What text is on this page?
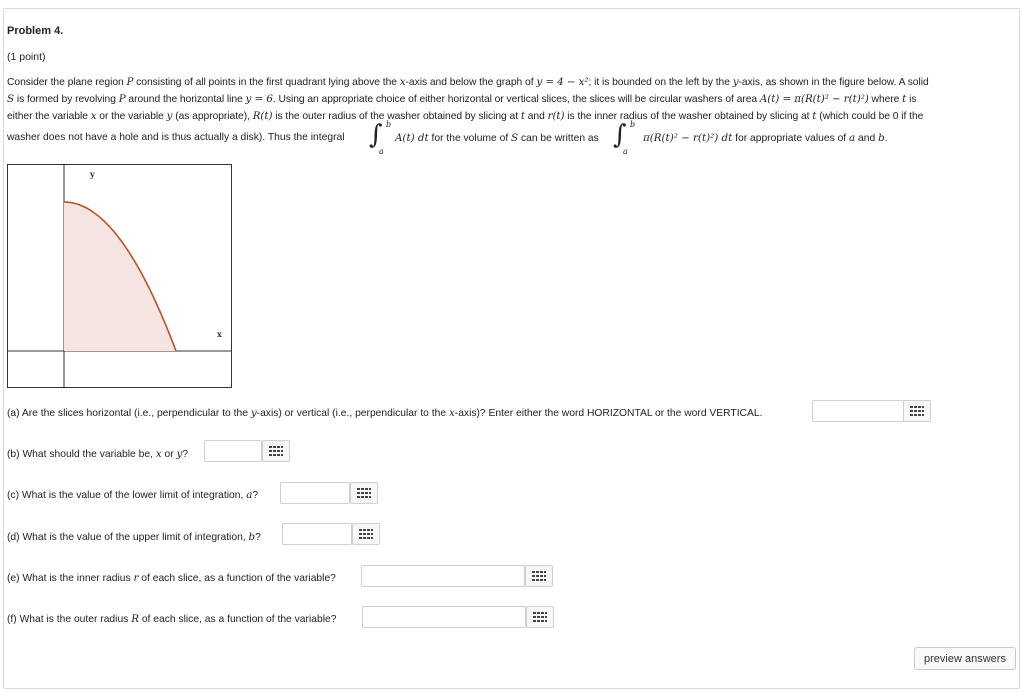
Problem 4.
(1 point)
Consider the plane region P consisting of all points in the first quadrant lying above the x-axis and below the graph of y = 4 − x²; it is bounded on the left by the y-axis, as shown in the figure below. A solid
S is formed by revolving P around the horizontal line y = 6. Using an appropriate choice of either horizontal or vertical slices, the slices will be circular washers of area A(t) = π(R(t)² − r(t)²) where t is
either the variable x or the variable y (as appropriate), R(t) is the outer radius of the washer obtained by slicing at t and r(t) is the inner radius of the washer obtained by slicing at t (which could be 0 if the
washer does not have a hole and is thus actually a disk). Thus the integral ∫ b
a
A(t) dt for the volume of S can be written as ∫ b
a
π(R(t)² − r(t)²) dt for appropriate values of a and b.
y
x
(a) Are the slices horizontal (i.e., perpendicular to the y-axis) or vertical (i.e., perpendicular to the x-axis)? Enter either the word HORIZONTAL or the word VERTICAL.
(b) What should the variable be, x or y?
(c) What is the value of the lower limit of integration, a?
(d) What is the value of the upper limit of integration, b?
(e) What is the inner radius r of each slice, as a function of the variable?
(f) What is the outer radius R of each slice, as a function of the variable?
preview answers
